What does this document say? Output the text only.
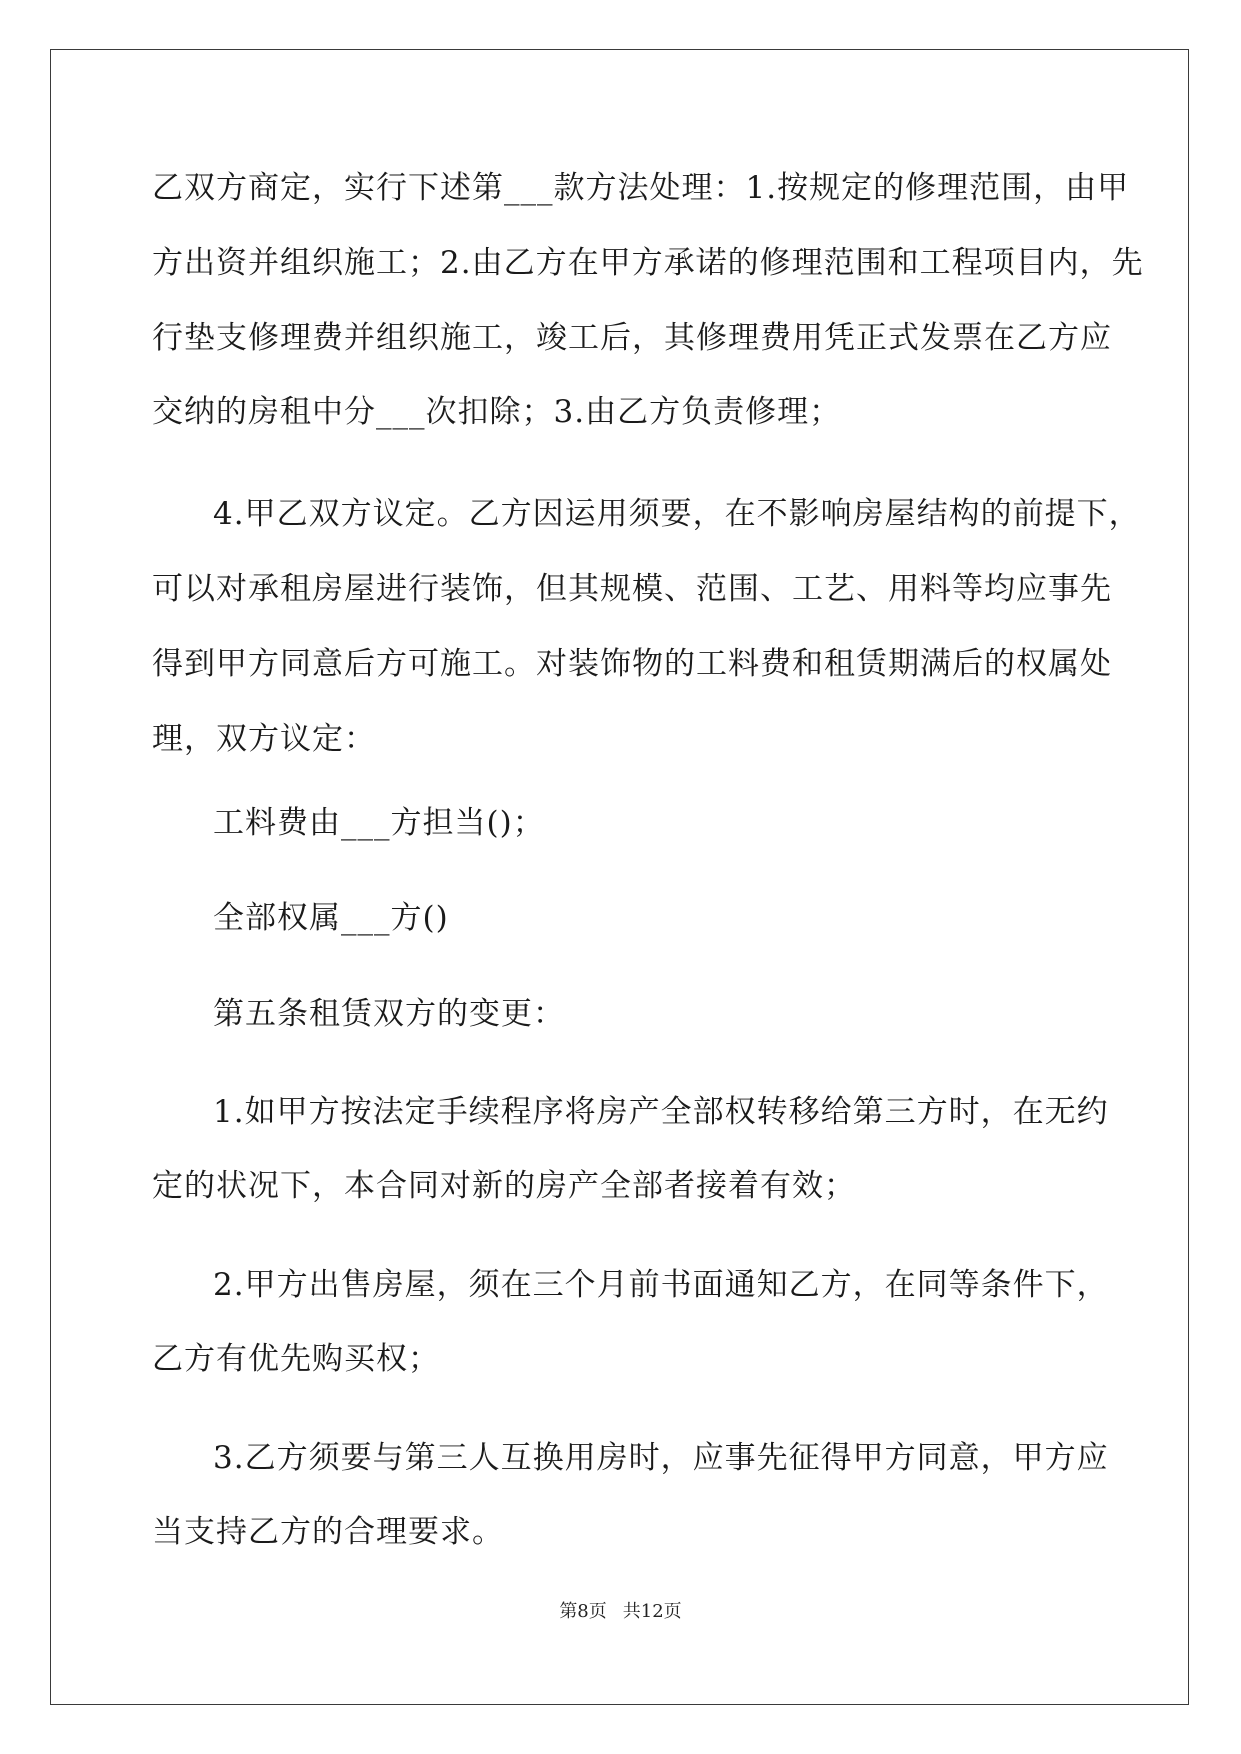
乙双方商定，实行下述第___款方法处理：1.按规定的修理范围，由甲
方出资并组织施工；2.由乙方在甲方承诺的修理范围和工程项目内，先
行垫支修理费并组织施工，竣工后，其修理费用凭正式发票在乙方应
交纳的房租中分___次扣除；3.由乙方负责修理；
4.甲乙双方议定。乙方因运用须要，在不影响房屋结构的前提下，
可以对承租房屋进行装饰，但其规模、范围、工艺、用料等均应事先
得到甲方同意后方可施工。对装饰物的工料费和租赁期满后的权属处
理，双方议定：
工料费由___方担当()；
全部权属___方()
第五条租赁双方的变更：
1.如甲方按法定手续程序将房产全部权转移给第三方时，在无约
定的状况下，本合同对新的房产全部者接着有效；
2.甲方出售房屋，须在三个月前书面通知乙方，在同等条件下，
乙方有优先购买权；
3.乙方须要与第三人互换用房时，应事先征得甲方同意，甲方应
当支持乙方的合理要求。
第8页 共12页
